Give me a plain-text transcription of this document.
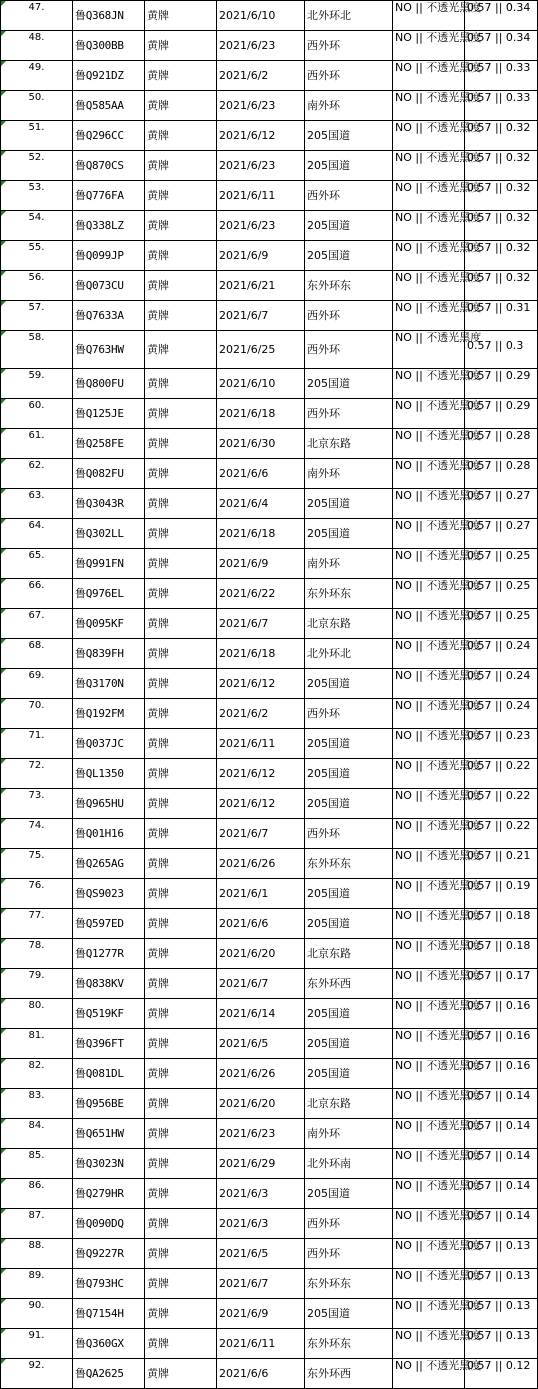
47.	鲁Q368JN	黄牌	2021/6/10	北外环北	NO || 不透光黑度	0.57 || 0.34
48.	鲁Q300BB	黄牌	2021/6/23	西外环	NO || 不透光黑度	0.57 || 0.34
49.	鲁Q921DZ	黄牌	2021/6/2	西外环	NO || 不透光黑度	0.57 || 0.33
50.	鲁Q585AA	黄牌	2021/6/23	南外环	NO || 不透光黑度	0.57 || 0.33
51.	鲁Q296CC	黄牌	2021/6/12	205国道	NO || 不透光黑度	0.57 || 0.32
52.	鲁Q870CS	黄牌	2021/6/23	205国道	NO || 不透光黑度	0.57 || 0.32
53.	鲁Q776FA	黄牌	2021/6/11	西外环	NO || 不透光黑度	0.57 || 0.32
54.	鲁Q338LZ	黄牌	2021/6/23	205国道	NO || 不透光黑度	0.57 || 0.32
55.	鲁Q099JP	黄牌	2021/6/9	205国道	NO || 不透光黑度	0.57 || 0.32
56.	鲁Q073CU	黄牌	2021/6/21	东外环东	NO || 不透光黑度	0.57 || 0.32
57.	鲁Q7633A	黄牌	2021/6/7	西外环	NO || 不透光黑度	0.57 || 0.31
58.	鲁Q763HW	黄牌	2021/6/25	西外环	NO || 不透光黑度	0.57 || 0.3
59.	鲁Q800FU	黄牌	2021/6/10	205国道	NO || 不透光黑度	0.57 || 0.29
60.	鲁Q125JE	黄牌	2021/6/18	西外环	NO || 不透光黑度	0.57 || 0.29
61.	鲁Q258FE	黄牌	2021/6/30	北京东路	NO || 不透光黑度	0.57 || 0.28
62.	鲁Q082FU	黄牌	2021/6/6	南外环	NO || 不透光黑度	0.57 || 0.28
63.	鲁Q3043R	黄牌	2021/6/4	205国道	NO || 不透光黑度	0.57 || 0.27
64.	鲁Q302LL	黄牌	2021/6/18	205国道	NO || 不透光黑度	0.57 || 0.27
65.	鲁Q991FN	黄牌	2021/6/9	南外环	NO || 不透光黑度	0.57 || 0.25
66.	鲁Q976EL	黄牌	2021/6/22	东外环东	NO || 不透光黑度	0.57 || 0.25
67.	鲁Q095KF	黄牌	2021/6/7	北京东路	NO || 不透光黑度	0.57 || 0.25
68.	鲁Q839FH	黄牌	2021/6/18	北外环北	NO || 不透光黑度	0.57 || 0.24
69.	鲁Q3170N	黄牌	2021/6/12	205国道	NO || 不透光黑度	0.57 || 0.24
70.	鲁Q192FM	黄牌	2021/6/2	西外环	NO || 不透光黑度	0.57 || 0.24
71.	鲁Q037JC	黄牌	2021/6/11	205国道	NO || 不透光黑度	0.57 || 0.23
72.	鲁QL1350	黄牌	2021/6/12	205国道	NO || 不透光黑度	0.57 || 0.22
73.	鲁Q965HU	黄牌	2021/6/12	205国道	NO || 不透光黑度	0.57 || 0.22
74.	鲁Q01H16	黄牌	2021/6/7	西外环	NO || 不透光黑度	0.57 || 0.22
75.	鲁Q265AG	黄牌	2021/6/26	东外环东	NO || 不透光黑度	0.57 || 0.21
76.	鲁QS9023	黄牌	2021/6/1	205国道	NO || 不透光黑度	0.57 || 0.19
77.	鲁Q597ED	黄牌	2021/6/6	205国道	NO || 不透光黑度	0.57 || 0.18
78.	鲁Q1277R	黄牌	2021/6/20	北京东路	NO || 不透光黑度	0.57 || 0.18
79.	鲁Q838KV	黄牌	2021/6/7	东外环西	NO || 不透光黑度	0.57 || 0.17
80.	鲁Q519KF	黄牌	2021/6/14	205国道	NO || 不透光黑度	0.57 || 0.16
81.	鲁Q396FT	黄牌	2021/6/5	205国道	NO || 不透光黑度	0.57 || 0.16
82.	鲁Q081DL	黄牌	2021/6/26	205国道	NO || 不透光黑度	0.57 || 0.16
83.	鲁Q956BE	黄牌	2021/6/20	北京东路	NO || 不透光黑度	0.57 || 0.14
84.	鲁Q651HW	黄牌	2021/6/23	南外环	NO || 不透光黑度	0.57 || 0.14
85.	鲁Q3023N	黄牌	2021/6/29	北外环南	NO || 不透光黑度	0.57 || 0.14
86.	鲁Q279HR	黄牌	2021/6/3	205国道	NO || 不透光黑度	0.57 || 0.14
87.	鲁Q090DQ	黄牌	2021/6/3	西外环	NO || 不透光黑度	0.57 || 0.14
88.	鲁Q9227R	黄牌	2021/6/5	西外环	NO || 不透光黑度	0.57 || 0.13
89.	鲁Q793HC	黄牌	2021/6/7	东外环东	NO || 不透光黑度	0.57 || 0.13
90.	鲁Q7154H	黄牌	2021/6/9	205国道	NO || 不透光黑度	0.57 || 0.13
91.	鲁Q360GX	黄牌	2021/6/11	东外环东	NO || 不透光黑度	0.57 || 0.13
92.	鲁QA2625	黄牌	2021/6/6	东外环西	NO || 不透光黑度	0.57 || 0.12
